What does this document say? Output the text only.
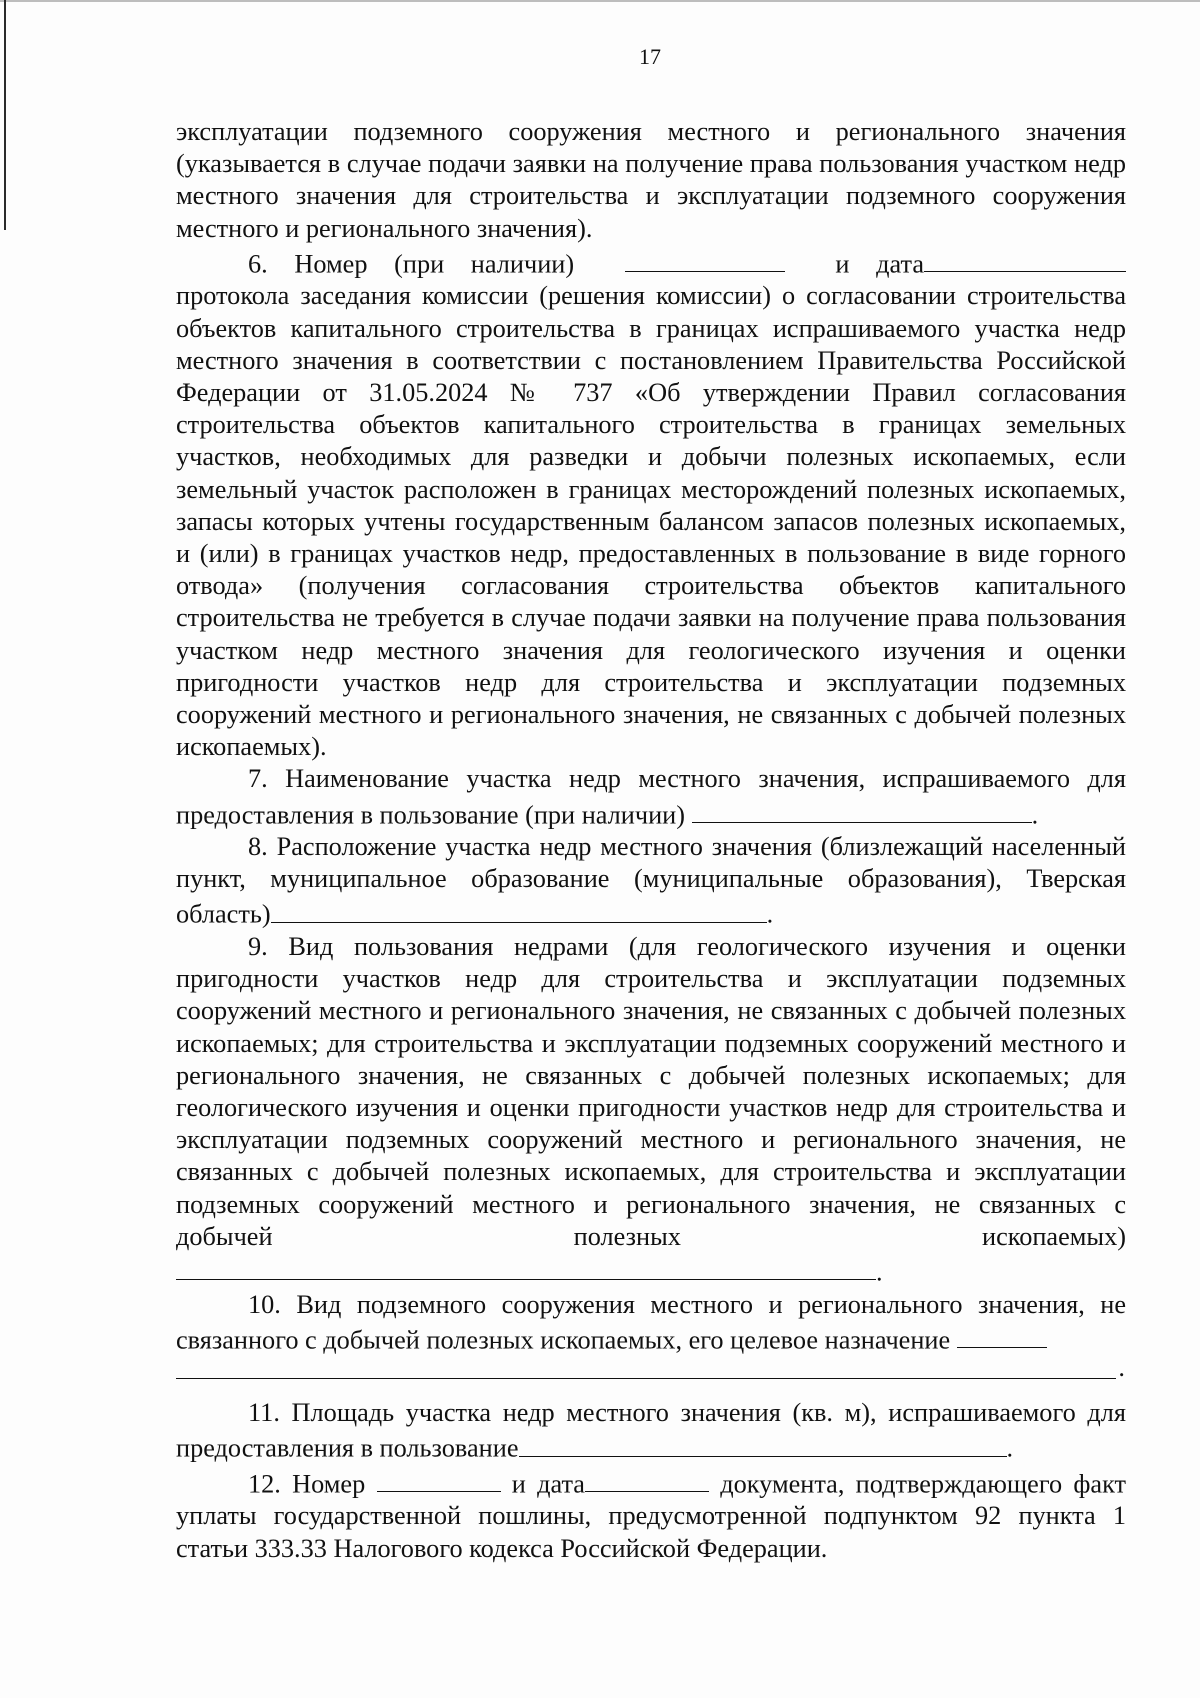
17

эксплуатации подземного сооружения местного и регионального значения (указывается в случае подачи заявки на получение права пользования участком недр местного значения для строительства и эксплуатации подземного сооружения местного и регионального значения).

6. Номер (при наличии)	и дата

протокола заседания комиссии (решения комиссии) о согласовании строительства объектов капитального строительства в границах испрашиваемого участка недр местного значения в соответствии с постановлением Правительства Российской Федерации от 31.05.2024 № 737 «Об утверждении Правил согласования строительства объектов капитального строительства в границах земельных участков, необходимых для разведки и добычи полезных ископаемых, если земельный участок расположен в границах месторождений полезных ископаемых, запасы которых учтены государственным балансом запасов полезных ископаемых, и (или) в границах участков недр, предоставленных в пользование в виде горного отвода» (получения согласования строительства объектов капитального строительства не требуется в случае подачи заявки на получение права пользования участком недр местного значения для геологического изучения и оценки пригодности участков недр для строительства и эксплуатации подземных сооружений местного и регионального значения, не связанных с добычей полезных ископаемых).

7. Наименование участка недр местного значения, испрашиваемого для предоставления в пользование (при наличии)	.

8. Расположение участка недр местного значения (близлежащий населенный пункт, муниципальное образование (муниципальные образования), Тверская область)	.

9. Вид пользования недрами (для геологического изучения и оценки пригодности участков недр для строительства и эксплуатации подземных сооружений местного и регионального значения, не связанных с добычей полезных ископаемых; для строительства и эксплуатации подземных сооружений местного и регионального значения, не связанных с добычей полезных ископаемых; для геологического изучения и оценки пригодности участков недр для строительства и эксплуатации подземных сооружений местного и регионального значения, не связанных с добычей полезных ископаемых, для строительства и эксплуатации подземных сооружений местного и регионального значения, не связанных с добычей полезных ископаемых).

10. Вид подземного сооружения местного и регионального значения, не связанного с добычей полезных ископаемых, его целевое назначение

.

11. Площадь участка недр местного значения (кв. м), испрашиваемого для предоставления в пользование	.

12. Номер	и дата	документа, подтверждающего факт уплаты государственной пошлины, предусмотренной подпунктом 92 пункта 1 статьи 333.33 Налогового кодекса Российской Федерации.
